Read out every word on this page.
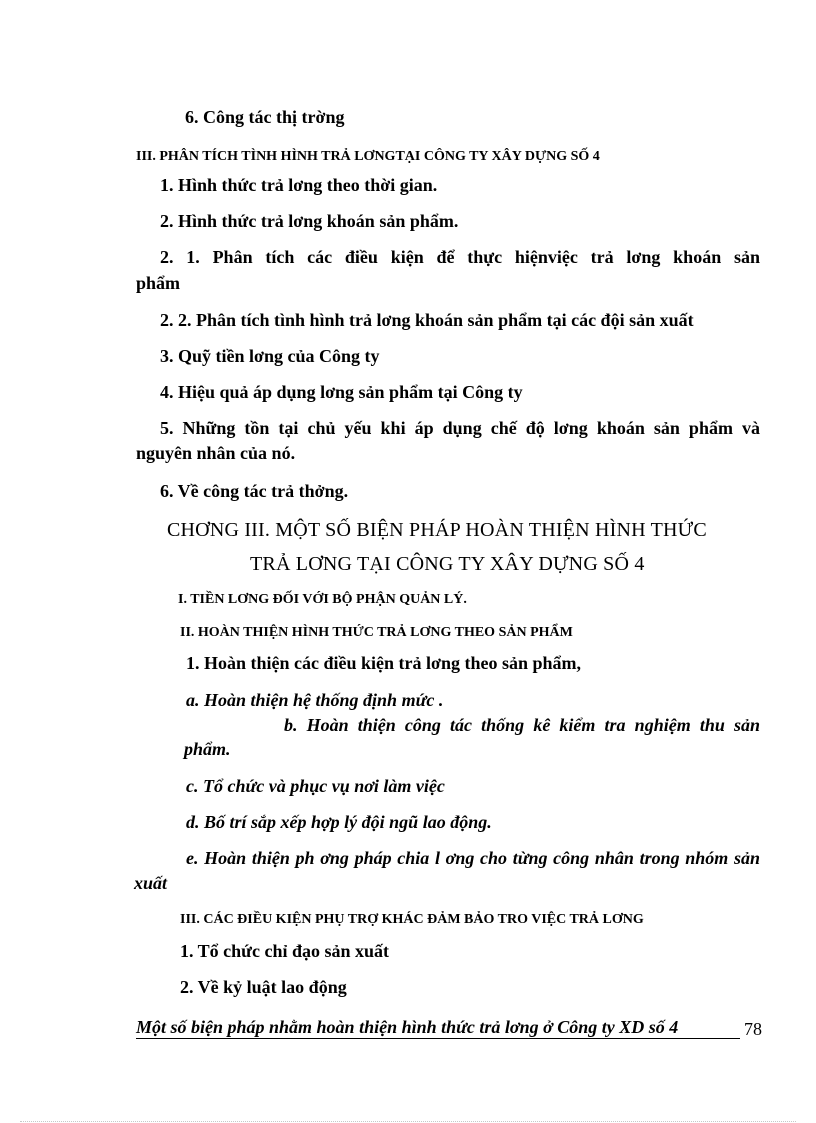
6. Công tác thị trờng
III. PHÂN TÍCH TÌNH HÌNH TRẢ LƠNGTẠI CÔNG TY XÂY DỰNG SỐ 4
1. Hình thức trả lơng theo thời gian.
2. Hình thức trả lơng khoán sản phẩm.
2. 1. Phân tích các điều kiện để thực hiệnviệc trả lơng khoán sản
phẩm
2. 2. Phân tích tình hình trả lơng khoán sản phẩm tại các đội sản xuất
3. Quỹ tiền lơng của Công ty
4. Hiệu quả áp dụng lơng sản phẩm tại Công ty
5. Những tồn tại chủ yếu khi áp dụng chế độ lơng khoán sản phẩm và
nguyên nhân của nó.
6. Về công tác trả thởng.
CHƠNG III. MỘT SỐ BIỆN PHÁP HOÀN THIỆN HÌNH THỨC
TRẢ LƠNG TẠI CÔNG TY XÂY DỰNG SỐ 4
I. TIỀN LƠNG ĐỐI VỚI BỘ PHẬN QUẢN LÝ.
II. HOÀN THIỆN HÌNH THỨC TRẢ LƠNG THEO SẢN PHẨM
1. Hoàn thiện các điều kiện trả lơng theo sản phẩm,
a. Hoàn thiện hệ thống định mức .
b. Hoàn thiện công tác thống kê kiểm tra nghiệm thu sản
phẩm.
c. Tổ chức và phục vụ nơi làm việc
d. Bố trí sắp xếp hợp lý đội ngũ lao động.
e. Hoàn thiện ph ơng pháp chia l ơng cho từng công nhân trong nhóm sản
xuất
III. CÁC ĐIỀU KIỆN PHỤ TRỢ KHÁC ĐẢM BẢO TRO VIỆC TRẢ LƠNG
1. Tổ chức chỉ đạo sản xuất
2. Về kỷ luật lao động
Một số biện pháp nhằm hoàn thiện hình thức trả lơng ở Công ty XD số 4	78
